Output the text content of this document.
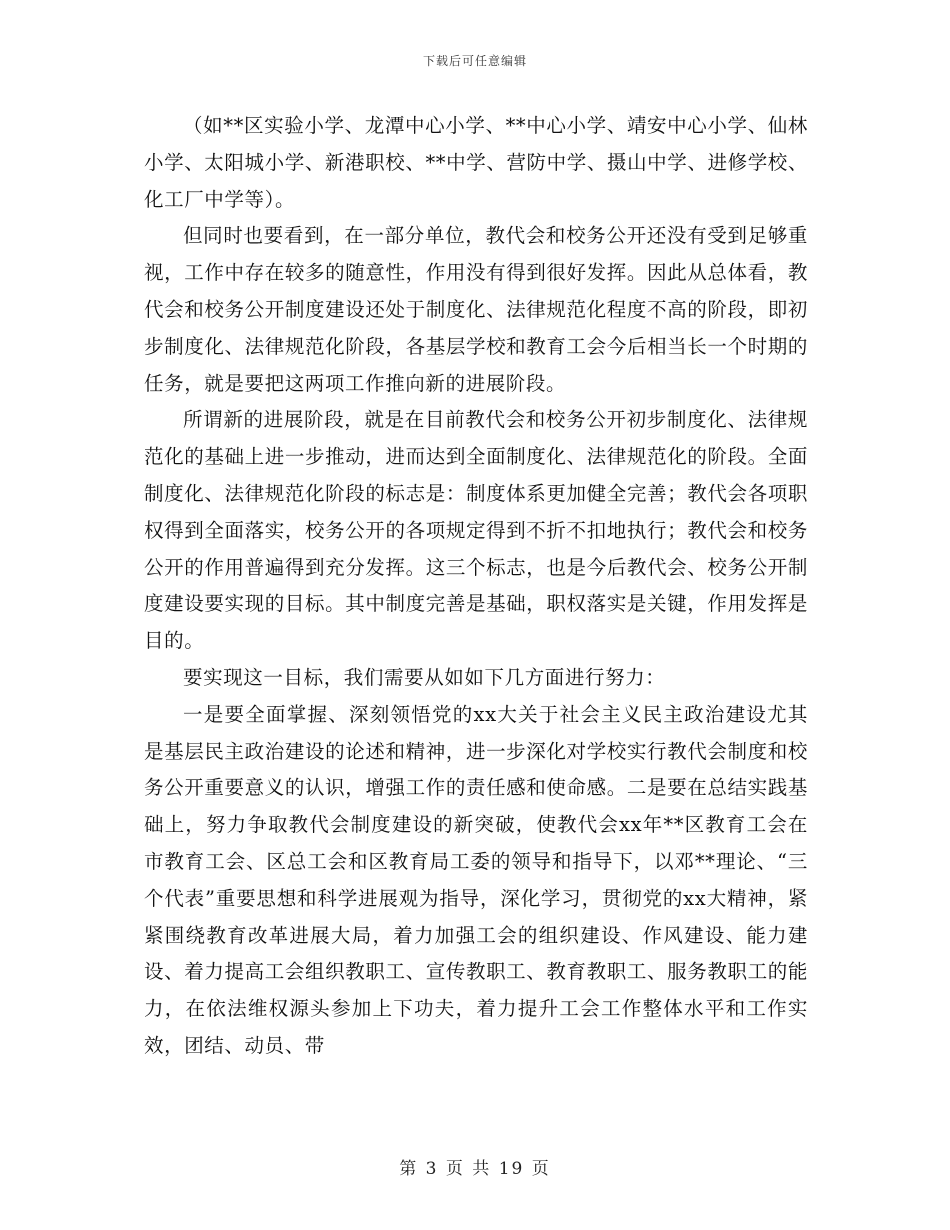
下载后可任意编辑

（如**区实验小学、龙潭中心小学、**中心小学、靖安中心小学、仙林小学、太阳城小学、新港职校、**中学、营防中学、摄山中学、进修学校、化工厂中学等）。

但同时也要看到，在一部分单位，教代会和校务公开还没有受到足够重视，工作中存在较多的随意性，作用没有得到很好发挥。因此从总体看，教代会和校务公开制度建设还处于制度化、法律规范化程度不高的阶段，即初步制度化、法律规范化阶段，各基层学校和教育工会今后相当长一个时期的任务，就是要把这两项工作推向新的进展阶段。

所谓新的进展阶段，就是在目前教代会和校务公开初步制度化、法律规范化的基础上进一步推动，进而达到全面制度化、法律规范化的阶段。全面制度化、法律规范化阶段的标志是：制度体系更加健全完善；教代会各项职权得到全面落实，校务公开的各项规定得到不折不扣地执行；教代会和校务公开的作用普遍得到充分发挥。这三个标志，也是今后教代会、校务公开制度建设要实现的目标。其中制度完善是基础，职权落实是关键，作用发挥是目的。

要实现这一目标，我们需要从如如下几方面进行努力：

一是要全面掌握、深刻领悟党的xx大关于社会主义民主政治建设尤其是基层民主政治建设的论述和精神，进一步深化对学校实行教代会制度和校务公开重要意义的认识，增强工作的责任感和使命感。二是要在总结实践基础上，努力争取教代会制度建设的新突破，使教代会xx年**区教育工会在市教育工会、区总工会和区教育局工委的领导和指导下，以邓**理论、“三个代表”重要思想和科学进展观为指导，深化学习，贯彻党的xx大精神，紧紧围绕教育改革进展大局，着力加强工会的组织建设、作风建设、能力建设、着力提高工会组织教职工、宣传教职工、教育教职工、服务教职工的能力，在依法维权源头参加上下功夫，着力提升工会工作整体水平和工作实效，团结、动员、带

第 3 页 共 19 页
